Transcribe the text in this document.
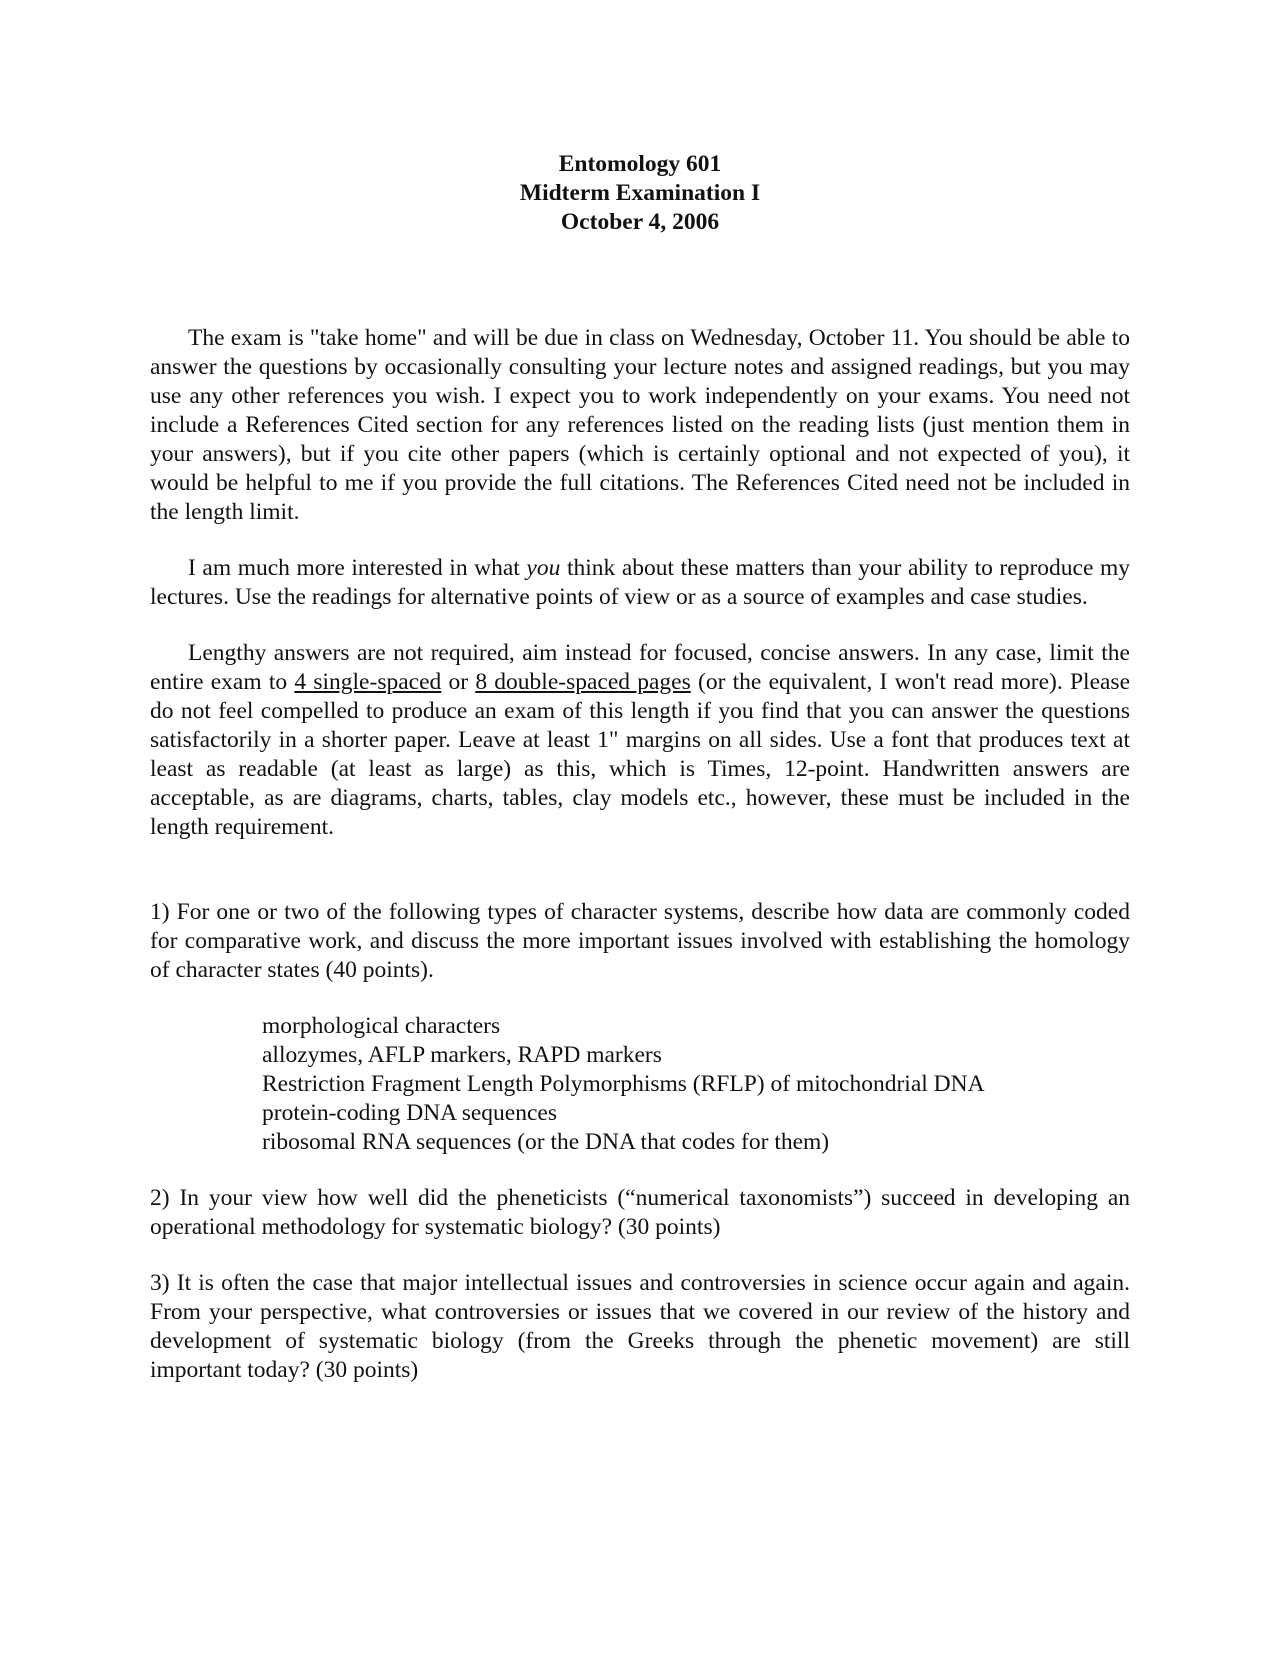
Entomology 601
Midterm Examination I
October 4, 2006

The exam is "take home" and will be due in class on Wednesday, October 11. You should be able to answer the questions by occasionally consulting your lecture notes and assigned readings, but you may use any other references you wish. I expect you to work independently on your exams. You need not include a References Cited section for any references listed on the reading lists (just mention them in your answers), but if you cite other papers (which is certainly optional and not expected of you), it would be helpful to me if you provide the full citations. The References Cited need not be included in the length limit.

I am much more interested in what you think about these matters than your ability to reproduce my lectures. Use the readings for alternative points of view or as a source of examples and case studies.

Lengthy answers are not required, aim instead for focused, concise answers. In any case, limit the entire exam to 4 single-spaced or 8 double-spaced pages (or the equivalent, I won't read more). Please do not feel compelled to produce an exam of this length if you find that you can answer the questions satisfactorily in a shorter paper. Leave at least 1" margins on all sides. Use a font that produces text at least as readable (at least as large) as this, which is Times, 12-point. Handwritten answers are acceptable, as are diagrams, charts, tables, clay models etc., however, these must be included in the length requirement.

1) For one or two of the following types of character systems, describe how data are commonly coded for comparative work, and discuss the more important issues involved with establishing the homology of character states (40 points).

morphological characters
allozymes, AFLP markers, RAPD markers
Restriction Fragment Length Polymorphisms (RFLP) of mitochondrial DNA
protein-coding DNA sequences
ribosomal RNA sequences (or the DNA that codes for them)

2) In your view how well did the pheneticists (“numerical taxonomists”) succeed in developing an operational methodology for systematic biology? (30 points)

3) It is often the case that major intellectual issues and controversies in science occur again and again. From your perspective, what controversies or issues that we covered in our review of the history and development of systematic biology (from the Greeks through the phenetic movement) are still important today? (30 points)
